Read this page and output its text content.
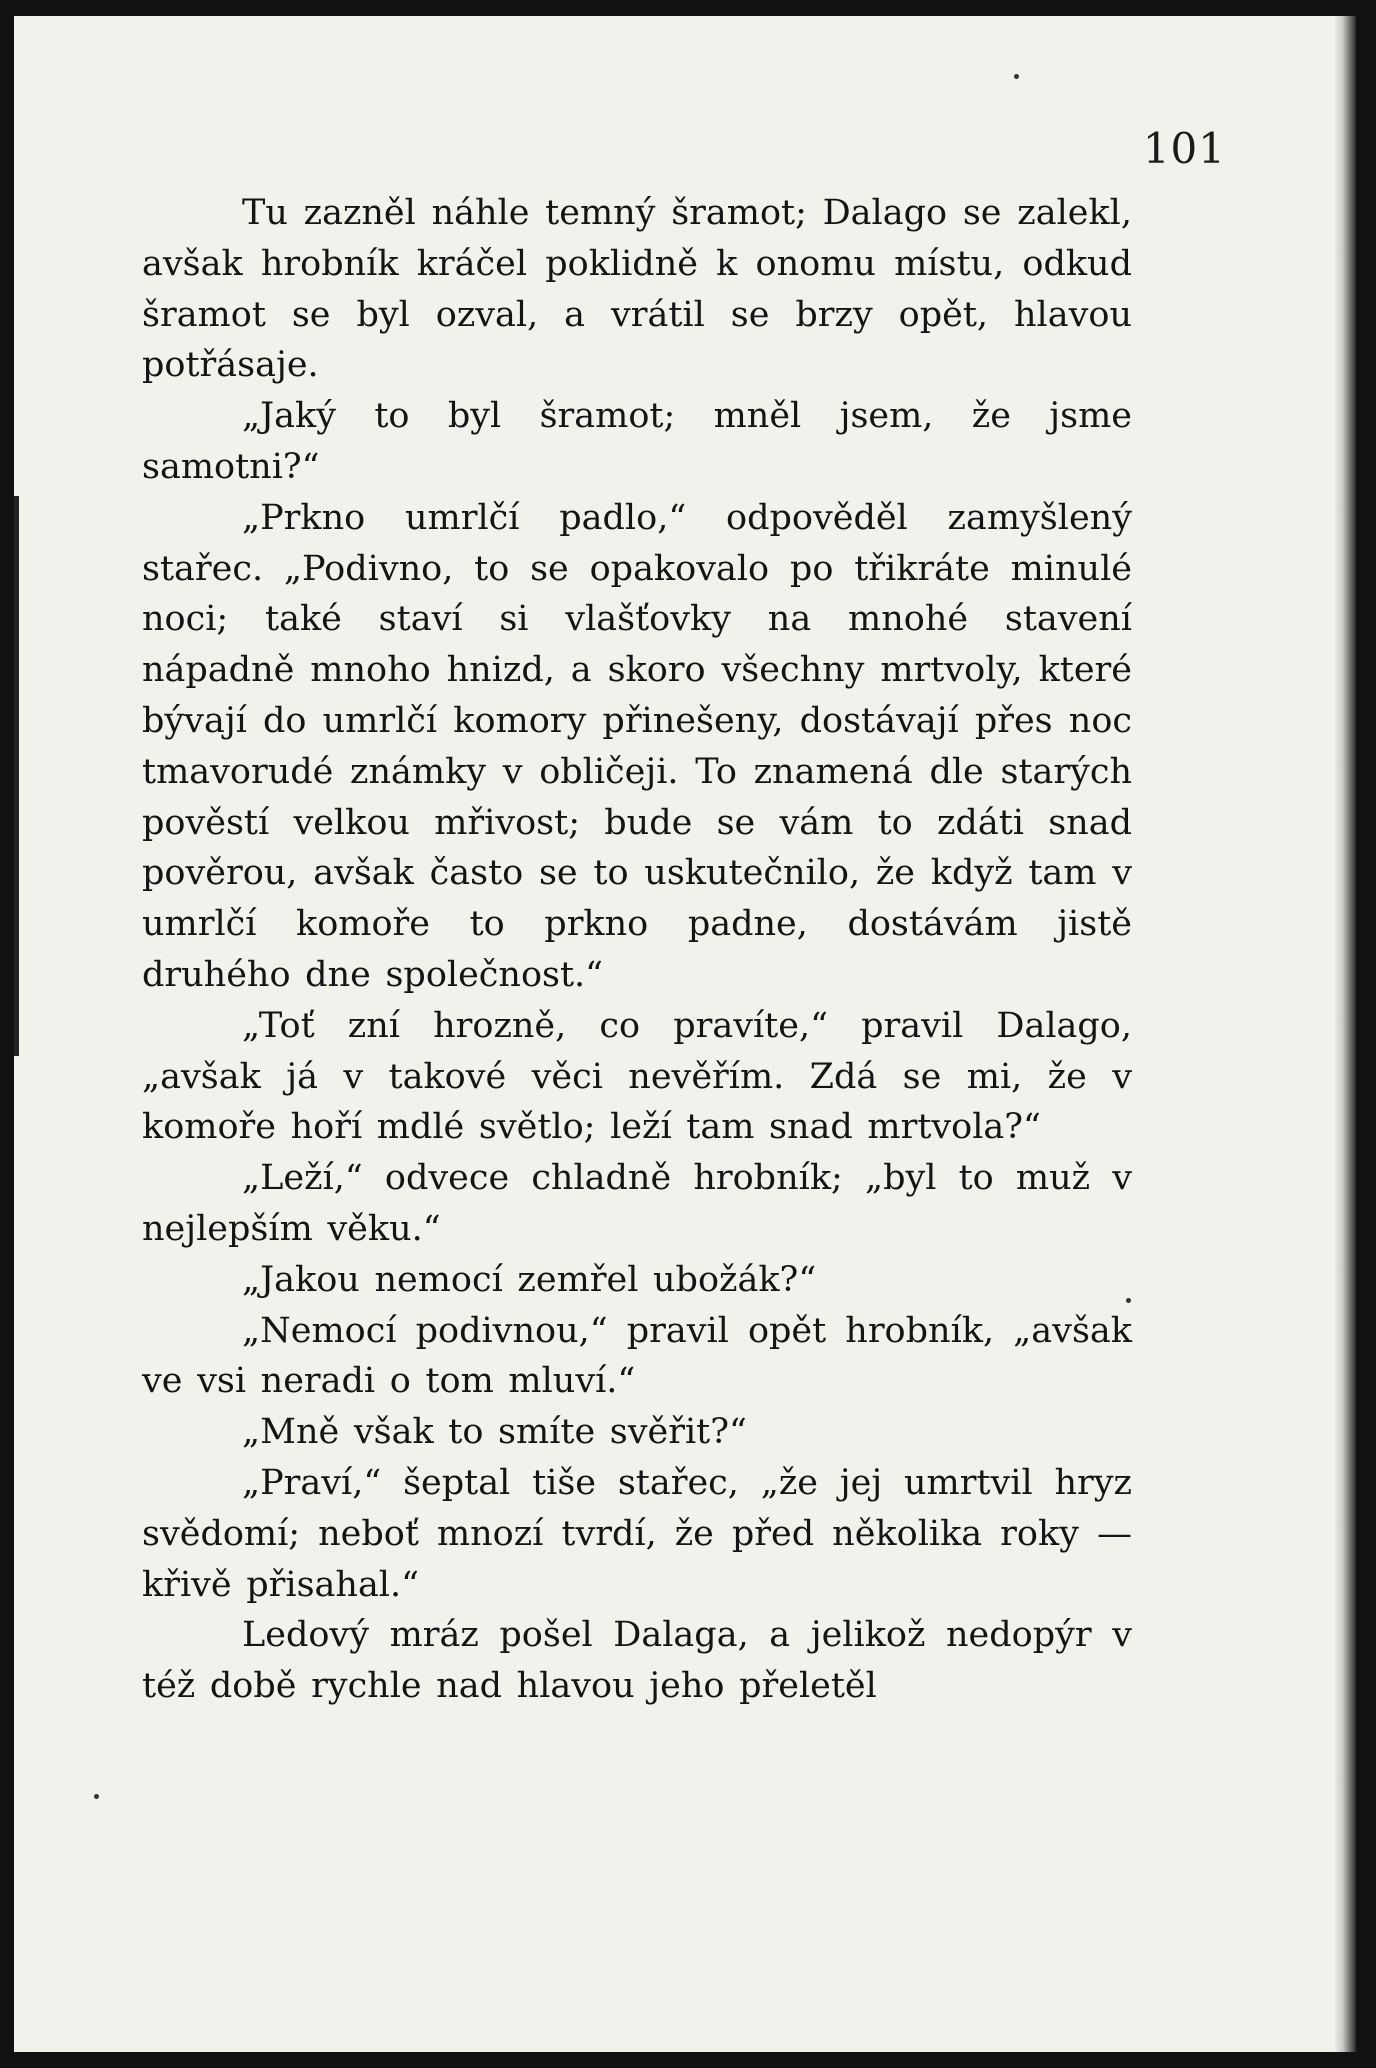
101

Tu zazněl náhle temný šramot; Dalago se zalekl, avšak hrobník kráčel poklidně k onomu místu, odkud šramot se byl ozval, a vrátil se brzy opět, hlavou potřásaje.

„Jaký to byl šramot; mněl jsem, že jsme samotni?“

„Prkno umrlčí padlo,“ odpověděl zamyšlený stařec. „Podivno, to se opakovalo po třikráte minulé noci; také staví si vlašťovky na mnohé stavení nápadně mnoho hnizd, a skoro všechny mrtvoly, které bývají do umrlčí komory přinešeny, dostávají přes noc tmavorudé známky v obličeji. To znamená dle starých pověstí velkou mřivost; bude se vám to zdáti snad pověrou, avšak často se to uskutečnilo, že když tam v umrlčí komoře to prkno padne, dostávám jistě druhého dne společnost.“

„Toť zní hrozně, co pravíte,“ pravil Dalago, „avšak já v takové věci nevěřím. Zdá se mi, že v komoře hoří mdlé světlo; leží tam snad mrtvola?“

„Leží,“ odvece chladně hrobník; „byl to muž v nejlepším věku.“

„Jakou nemocí zemřel ubožák?“

„Nemocí podivnou,“ pravil opět hrobník, „avšak ve vsi neradi o tom mluví.“

„Mně však to smíte svěřit?“

„Praví,“ šeptal tiše stařec, „že jej umrtvil hryz svědomí; neboť mnozí tvrdí, že před několika roky — křivě přisahal.“

Ledový mráz pošel Dalaga, a jelikož nedopýr v též době rychle nad hlavou jeho přeletěl
